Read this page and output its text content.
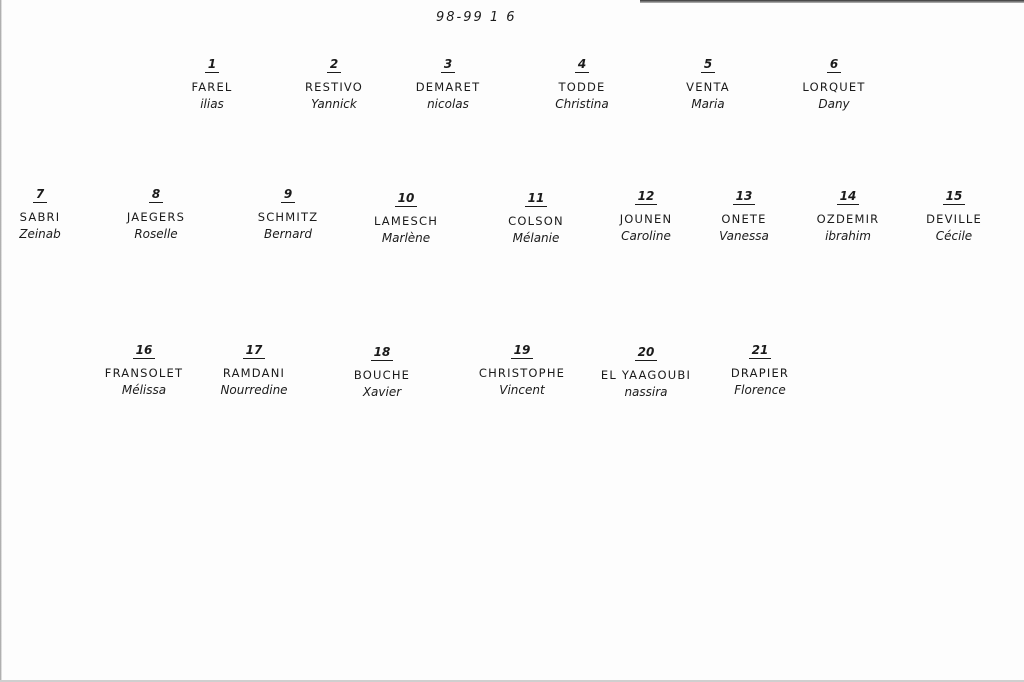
98-99 1 6
1
FAREL
ilias
2
RESTIVO
Yannick
3
DEMARET
nicolas
4
TODDE
Christina
5
VENTA
Maria
6
LORQUET
Dany
7
SABRI
Zeinab
8
JAEGERS
Roselle
9
SCHMITZ
Bernard
10
LAMESCH
Marlène
11
COLSON
Mélanie
12
JOUNEN
Caroline
13
ONETE
Vanessa
14
OZDEMIR
ibrahim
15
DEVILLE
Cécile
16
FRANSOLET
Mélissa
17
RAMDANI
Nourredine
18
BOUCHE
Xavier
19
CHRISTOPHE
Vincent
20
EL YAAGOUBI
nassira
21
DRAPIER
Florence
